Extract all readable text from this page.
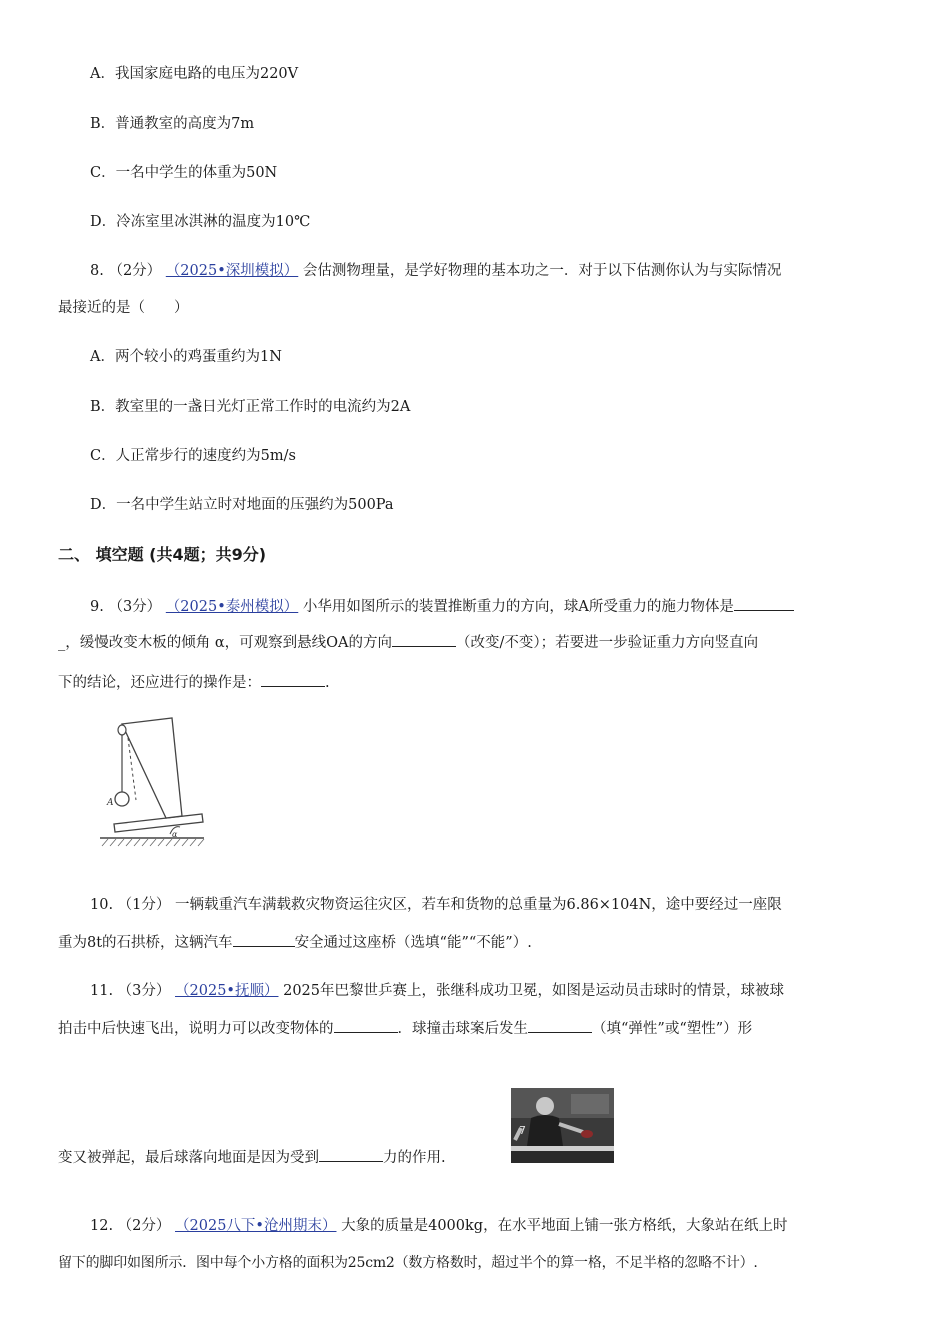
A．我国家庭电路的电压为220V
B．普通教室的高度为7m
C．一名中学生的体重为50N
D．冷冻室里冰淇淋的温度为10℃
8. （2分） （2025•深圳模拟） 会估测物理量，是学好物理的基本功之一．对于以下估测你认为与实际情况
最接近的是（　　）
A．两个较小的鸡蛋重约为1N
B．教室里的一盏日光灯正常工作时的电流约为2A
C．人正常步行的速度约为5m/s
D．一名中学生站立时对地面的压强约为500Pa
二、 填空题 (共4题；共9分)
9. （3分） （2025•泰州模拟） 小华用如图所示的装置推断重力的方向，球A所受重力的施力物体是
_，缓慢改变木板的倾角 α，可观察到悬线OA的方向	（改变/不变）；若要进一步验证重力方向竖直向
下的结论，还应进行的操作是：	.
α
A
10. （1分） 一辆载重汽车满载救灾物资运往灾区，若车和货物的总重量为6.86×104N，途中要经过一座限
重为8t的石拱桥，这辆汽车	安全通过这座桥（选填“能”“不能”）.
11. （3分） （2025•抚顺） 2025年巴黎世乒赛上，张继科成功卫冕，如图是运动员击球时的情景，球被球
拍击中后快速飞出，说明力可以改变物体的	．球撞击球案后发生	（填“弹性”或“塑性”）形
7
变又被弹起，最后球落向地面是因为受到	力的作用.
12. （2分） （2025八下•沧州期末） 大象的质量是4000kg，在水平地面上铺一张方格纸，大象站在纸上时
留下的脚印如图所示．图中每个小方格的面积为25cm2（数方格数时，超过半个的算一格，不足半格的忽略不计）.
